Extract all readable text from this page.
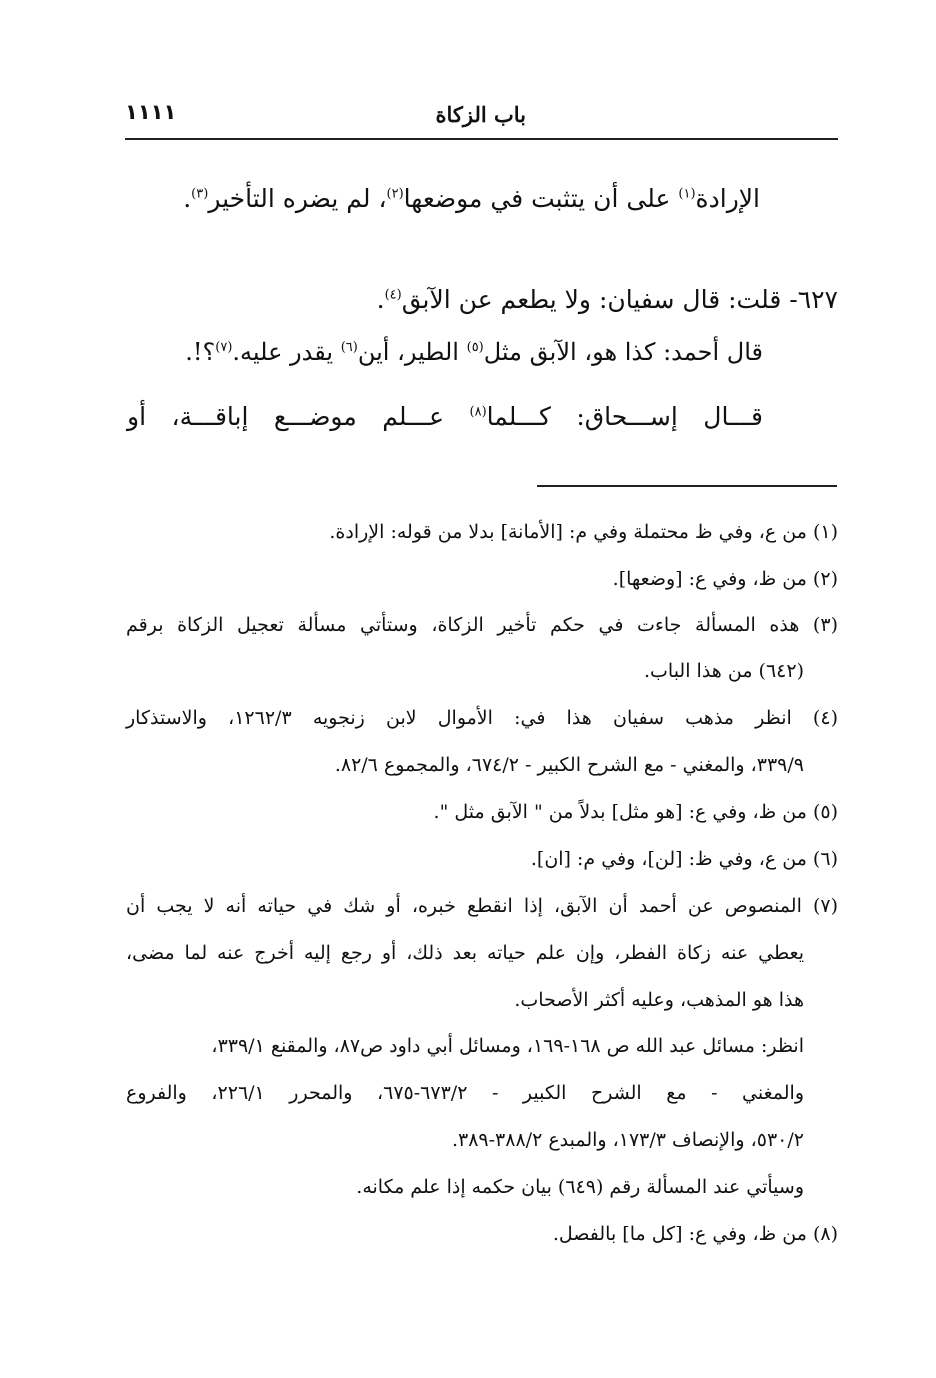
باب الزكاة
١١١١
الإرادة$^{(١)}$ على أن يتثبت في موضعها$^{(٢)}$، لم يضره التأخير$^{(٣)}$.
٦٢٧- قلت: قال سفيان: ولا يطعم عن الآبق$^{(٤)}$.
قال أحمد: كذا هو، الآبق مثل$^{(٥)}$ الطير، أين$^{(٦)}$ يقدر عليه.$^{(٧)}$؟!.
قـــال إســـحاق: كـــلما$^{(٨)}$ عـــلم موضـــع إباقـــة، أو
(١) من ع، وفي ظ محتملة وفي م: [الأمانة] بدلا من قوله: الإرادة.
(٢) من ظ، وفي ع: [وضعها].
(٣) هذه المسألة جاءت في حكم تأخير الزكاة، وستأتي مسألة تعجيل الزكاة برقم
(٦٤٢) من هذا الباب.
(٤) انظر مذهب سفيان هذا في: الأموال لابن زنجويه ١٢٦٢/٣، والاستذكار
٣٣٩/٩، والمغني - مع الشرح الكبير - ٦٧٤/٢، والمجموع ٨٢/٦.
(٥) من ظ، وفي ع: [هو مثل] بدلاً من " الآبق مثل ".
(٦) من ع، وفي ظ: [لن]، وفي م: [ان].
(٧) المنصوص عن أحمد أن الآبق، إذا انقطع خبره، أو شك في حياته أنه لا يجب أن
يعطي عنه زكاة الفطر، وإن علم حياته بعد ذلك، أو رجع إليه أخرج عنه لما مضى،
هذا هو المذهب، وعليه أكثر الأصحاب.
انظر: مسائل عبد الله ص ١٦٨-١٦٩، ومسائل أبي داود ص٨٧، والمقنع ٣٣٩/١،
والمغني - مع الشرح الكبير - ٦٧٣/٢-٦٧٥، والمحرر ٢٢٦/١، والفروع
٥٣٠/٢، والإنصاف ١٧٣/٣، والمبدع ٣٨٨/٢-٣٨٩.
وسيأتي عند المسألة رقم (٦٤٩) بيان حكمه إذا علم مكانه.
(٨) من ظ، وفي ع: [كل ما] بالفصل.
